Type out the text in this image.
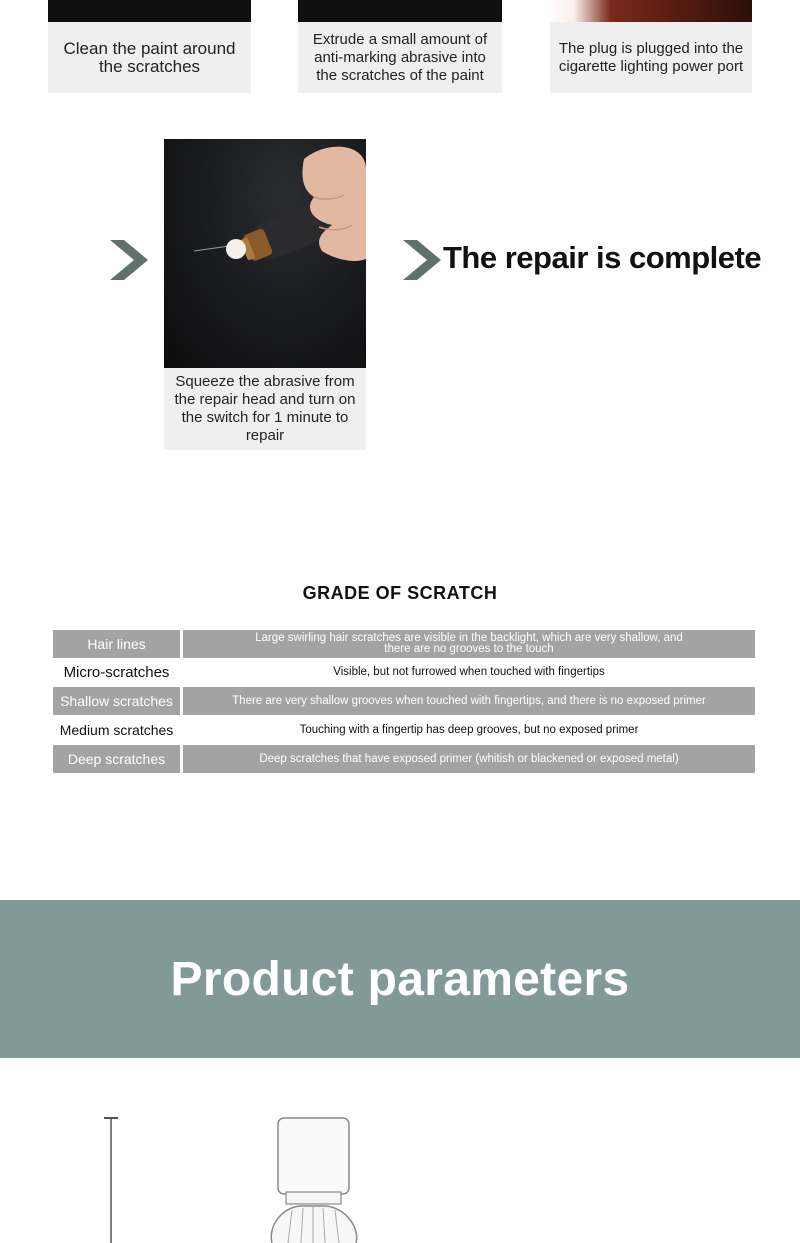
Clean the paint around the scratches
Extrude a small amount of anti-marking abrasive into the scratches of the paint
The plug is plugged into the cigarette lighting power port
Squeeze the abrasive from the repair head and turn on the switch for 1 minute to repair
The repair is complete
GRADE OF SCRATCH
Hair lines	Large swirling hair scratches are visible in the backlight, which are very shallow, and there are no grooves to the touch
Micro-scratches	Visible, but not furrowed when touched with fingertips
Shallow scratches	There are very shallow grooves when touched with fingertips, and there is no exposed primer
Medium scratches	Touching with a fingertip has deep grooves, but no exposed primer
Deep scratches	Deep scratches that have exposed primer (whitish or blackened or exposed metal)
Product parameters
